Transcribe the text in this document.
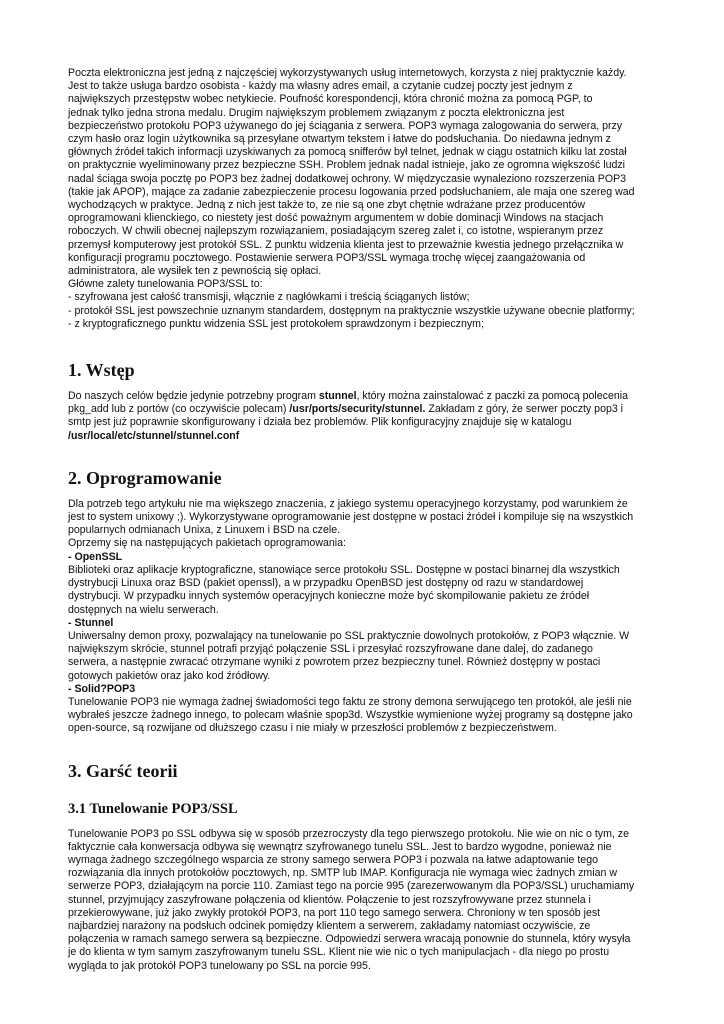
Poczta elektroniczna jest jedną z najczęściej wykorzystywanych usług internetowych, korzysta z niej praktycznie każdy.
Jest to także usługa bardzo osobista - każdy ma własny adres email, a czytanie cudzej poczty jest jednym z
największych przestępstw wobec netykiecie. Poufność korespondencji, która chronić można za pomocą PGP, to
jednak tylko jedna strona medalu. Drugim największym problemem związanym z poczta elektroniczna jest
bezpieczeństwo protokołu POP3 używanego do jej ściągania z serwera. POP3 wymaga zalogowania do serwera, przy
czym hasło oraz login użytkownika są przesyłane otwartym tekstem i łatwe do podsłuchania. Do niedawna jednym z
głównych źródeł takich informacji uzyskiwanych za pomocą snifferów był telnet, jednak w ciągu ostatnich kilku lat został
on praktycznie wyeliminowany przez bezpieczne SSH. Problem jednak nadal istnieje, jako ze ogromna większość ludzi
nadal ściąga swoja pocztę po POP3 bez żadnej dodatkowej ochrony. W międzyczasie wynaleziono rozszerzenia POP3
(takie jak APOP), mające za zadanie zabezpieczenie procesu logowania przed podsłuchaniem, ale maja one szereg wad
wychodzących w praktyce. Jedną z nich jest także to, ze nie są one zbyt chętnie wdrażane przez producentów
oprogramowani klienckiego, co niestety jest dość poważnym argumentem w dobie dominacji Windows na stacjach
roboczych. W chwili obecnej najlepszym rozwiązaniem, posiadającym szereg zalet i, co istotne, wspieranym przez
przemysł komputerowy jest protokół SSL. Z punktu widzenia klienta jest to przeważnie kwestia jednego przełącznika w
konfiguracji programu pocztowego. Postawienie serwera POP3/SSL wymaga trochę więcej zaangażowania od
administratora, ale wysiłek ten z pewnością się opłaci.
Główne zalety tunelowania POP3/SSL to:
- szyfrowana jest całość transmisji, włącznie z nagłówkami i treścią ściąganych listów;
- protokół SSL jest powszechnie uznanym standardem, dostępnym na praktycznie wszystkie używane obecnie platformy;
- z kryptograficznego punktu widzenia SSL jest protokołem sprawdzonym i bezpiecznym;
1. Wstęp
Do naszych celów będzie jedynie potrzebny program stunnel, który można zainstalować z paczki za pomocą polecenia
pkg_add lub z portów (co oczywiście polecam) /usr/ports/security/stunnel. Zakładam z góry, że serwer poczty pop3 i
smtp jest już poprawnie skonfigurowany i działa bez problemów. Plik konfiguracyjny znajduje się w katalogu
/usr/local/etc/stunnel/stunnel.conf
2. Oprogramowanie
Dla potrzeb tego artykułu nie ma większego znaczenia, z jakiego systemu operacyjnego korzystamy, pod warunkiem że
jest to system unixowy ;). Wykorzystywane oprogramowanie jest dostępne w postaci źródeł i kompiluje się na wszystkich
popularnych odmianach Unixa, z Linuxem i BSD na czele.
Oprzemy się na następujących pakietach oprogramowania:
- OpenSSL
Biblioteki oraz aplikacje kryptograficzne, stanowiące serce protokołu SSL. Dostępne w postaci binarnej dla wszystkich
dystrybucji Linuxa oraz BSD (pakiet openssl), a w przypadku OpenBSD jest dostępny od razu w standardowej
dystrybucji. W przypadku innych systemów operacyjnych konieczne może być skompilowanie pakietu ze źródeł
dostępnych na wielu serwerach.
- Stunnel
Uniwersalny demon proxy, pozwalający na tunelowanie po SSL praktycznie dowolnych protokołów, z POP3 włącznie. W
największym skrócie, stunnel potrafi przyjąć połączenie SSL i przesyłać rozszyfrowane dane dalej, do zadanego
serwera, a następnie zwracać otrzymane wyniki z powrotem przez bezpieczny tunel. Również dostępny w postaci
gotowych pakietów oraz jako kod źródłowy.
- Solid?POP3
Tunelowanie POP3 nie wymaga żadnej świadomości tego faktu ze strony demona serwującego ten protokół, ale jeśli nie
wybrałeś jeszcze żadnego innego, to polecam właśnie spop3d. Wszystkie wymienione wyżej programy są dostępne jako
open-source, są rozwijane od dłuższego czasu i nie miały w przeszłości problemów z bezpieczeństwem.
3. Garść teorii
3.1 Tunelowanie POP3/SSL
Tunelowanie POP3 po SSL odbywa się w sposób przezroczysty dla tego pierwszego protokołu. Nie wie on nic o tym, ze
faktycznie cała konwersacja odbywa się wewnątrz szyfrowanego tunelu SSL. Jest to bardzo wygodne, ponieważ nie
wymaga żadnego szczególnego wsparcia ze strony samego serwera POP3 i pozwala na łatwe adaptowanie tego
rozwiązania dla innych protokołów pocztowych, np. SMTP lub IMAP. Konfiguracja nie wymaga wiec żadnych zmian w
serwerze POP3, działającym na porcie 110. Zamiast tego na porcie 995 (zarezerwowanym dla POP3/SSL) uruchamiamy
stunnel, przyjmujący zaszyfrowane połączenia od klientów. Połączenie to jest rozszyfrowywane przez stunnela i
przekierowywane, już jako zwykły protokół POP3, na port 110 tego samego serwera. Chroniony w ten sposób jest
najbardziej narażony na podsłuch odcinek pomiędzy klientem a serwerem, zakładamy natomiast oczywiście, ze
połączenia w ramach samego serwera są bezpieczne. Odpowiedzi serwera wracają ponownie do stunnela, który wysyła
je do klienta w tym samym zaszyfrowanym tunelu SSL. Klient nie wie nic o tych manipulacjach - dla niego po prostu
wygląda to jak protokół POP3 tunelowany po SSL na porcie 995.
